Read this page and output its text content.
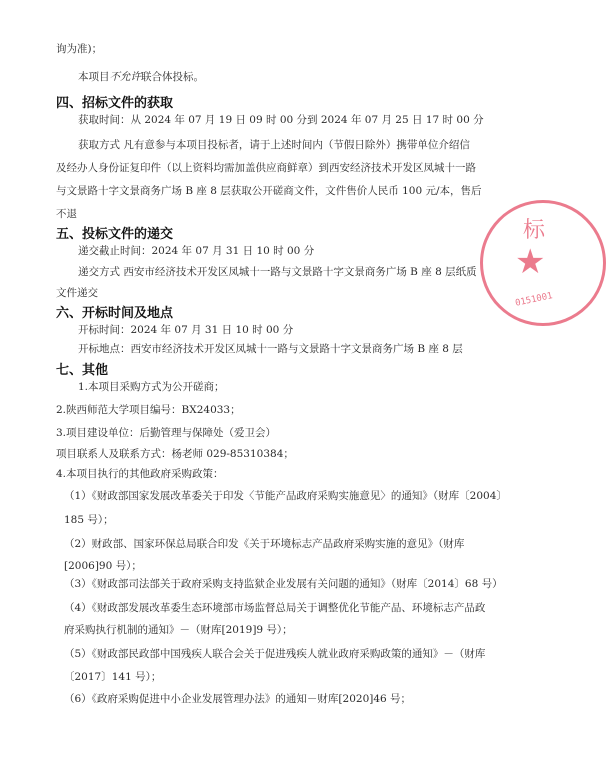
四、招标文件的获取
五、投标文件的递交
六、开标时间及地点
七、其他
询为准)；
本项目不允许联合体投标。
获取时间：从 2024 年 07 月 19 日 09 时 00 分到 2024 年 07 月 25 日 17 时 00 分
获取方式 凡有意参与本项目投标者，请于上述时间内（节假日除外）携带单位介绍信
及经办人身份证复印件（以上资料均需加盖供应商鲜章）到西安经济技术开发区凤城十一路
与文景路十字文景商务广场 B 座 8 层获取公开磋商文件，文件售价人民币 100 元/本，售后
不退
递交截止时间：2024 年 07 月 31 日 10 时 00 分
递交方式 西安市经济技术开发区凤城十一路与文景路十字文景商务广场 B 座 8 层纸质
文件递交
开标时间：2024 年 07 月 31 日 10 时 00 分
开标地点：西安市经济技术开发区凤城十一路与文景路十字文景商务广场 B 座 8 层
1.本项目采购方式为公开磋商；
2.陕西师范大学项目编号：BX24033；
3.项目建设单位：后勤管理与保障处（爱卫会）
项目联系人及联系方式：杨老师 029-85310384；
4.本项目执行的其他政府采购政策：
（1）《财政部国家发展改革委关于印发〈节能产品政府采购实施意见〉的通知》（财库〔2004〕
185 号）；
（2）财政部、国家环保总局联合印发《关于环境标志产品政府采购实施的意见》（财库
[2006]90 号）；
（3）《财政部司法部关于政府采购支持监狱企业发展有关问题的通知》（财库〔2014〕68 号）
（4）《财政部发展改革委生态环境部市场监督总局关于调整优化节能产品、环境标志产品政
府采购执行机制的通知》－（财库[2019]9 号）；
（5）《财政部民政部中国残疾人联合会关于促进残疾人就业政府采购政策的通知》－（财库
〔2017〕141 号）；
（6）《政府采购促进中小企业发展管理办法》的通知－财库[2020]46 号；
标
★
0151001
